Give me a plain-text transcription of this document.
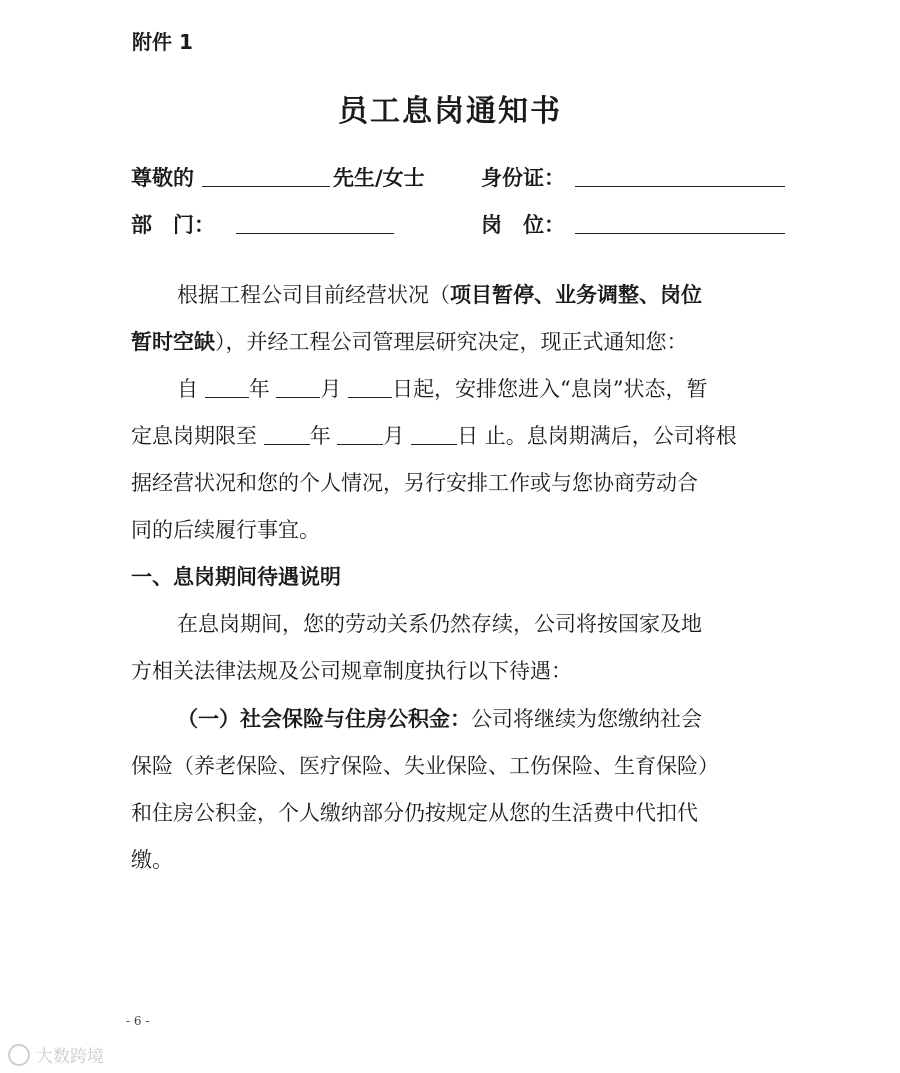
附件 1
员工息岗通知书
尊敬的	先生/女士	身份证：
部　门：	岗　位：
根据工程公司目前经营状况（项目暂停、业务调整、岗位
暂时空缺），并经工程公司管理层研究决定，现正式通知您：
自 年 月 日起，安排您进入“息岗”状态，暂
定息岗期限至	年	月	日 止。息岗期满后，公司将根
据经营状况和您的个人情况，另行安排工作或与您协商劳动合
同的后续履行事宜。
一、息岗期间待遇说明
在息岗期间，您的劳动关系仍然存续，公司将按国家及地
方相关法律法规及公司规章制度执行以下待遇：
（一）社会保险与住房公积金：公司将继续为您缴纳社会
保险（养老保险、医疗保险、失业保险、工伤保险、生育保险）
和住房公积金，个人缴纳部分仍按规定从您的生活费中代扣代
缴。
- 6 -
大数跨境
